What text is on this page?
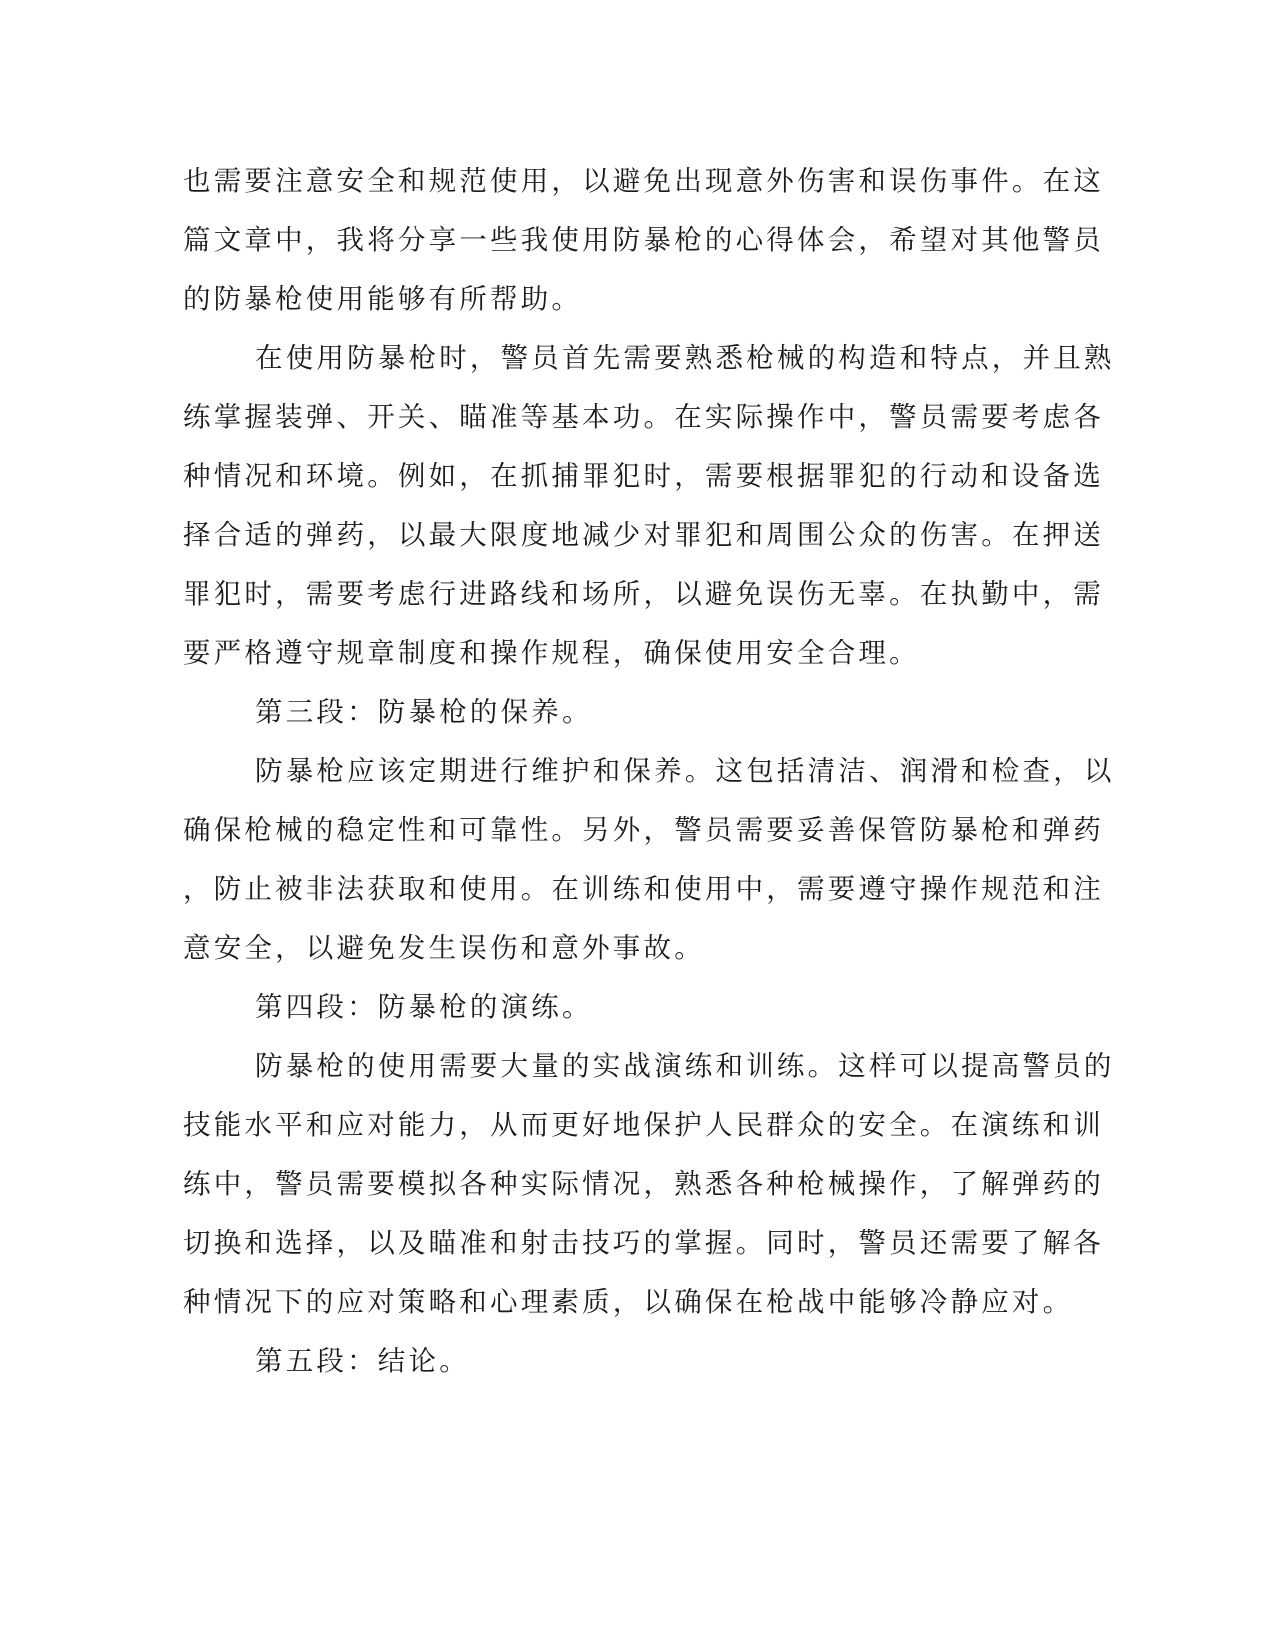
也需要注意安全和规范使用，以避免出现意外伤害和误伤事件。在这
篇文章中，我将分享一些我使用防暴枪的心得体会，希望对其他警员
的防暴枪使用能够有所帮助。
在使用防暴枪时，警员首先需要熟悉枪械的构造和特点，并且熟
练掌握装弹、开关、瞄准等基本功。在实际操作中，警员需要考虑各
种情况和环境。例如，在抓捕罪犯时，需要根据罪犯的行动和设备选
择合适的弹药，以最大限度地减少对罪犯和周围公众的伤害。在押送
罪犯时，需要考虑行进路线和场所，以避免误伤无辜。在执勤中，需
要严格遵守规章制度和操作规程，确保使用安全合理。
第三段：防暴枪的保养。
防暴枪应该定期进行维护和保养。这包括清洁、润滑和检查，以
确保枪械的稳定性和可靠性。另外，警员需要妥善保管防暴枪和弹药
，防止被非法获取和使用。在训练和使用中，需要遵守操作规范和注
意安全，以避免发生误伤和意外事故。
第四段：防暴枪的演练。
防暴枪的使用需要大量的实战演练和训练。这样可以提高警员的
技能水平和应对能力，从而更好地保护人民群众的安全。在演练和训
练中，警员需要模拟各种实际情况，熟悉各种枪械操作，了解弹药的
切换和选择，以及瞄准和射击技巧的掌握。同时，警员还需要了解各
种情况下的应对策略和心理素质，以确保在枪战中能够冷静应对。
第五段：结论。
